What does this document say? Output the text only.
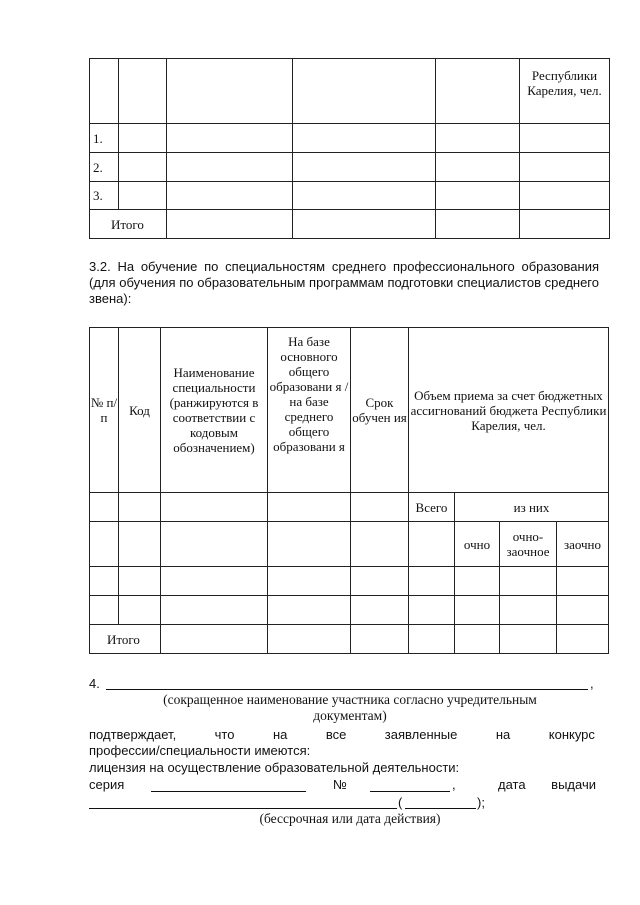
					Республики Карелия, чел.
1.					
2.					
3.					
Итого					
3.2. На обучение по специальностям среднего профессионального образования (для обучения по образовательным программам подготовки специалистов среднего звена):
№ п/п	Код	Наименование специальности (ранжируются в соответствии с кодовым обозначением)	На базе основного общего образовани я / на базе среднего общего образовани я	Срок обучен ия	Объем приема за счет бюджетных ассигнований бюджета Республики Карелия, чел.			

					Всего	из них		
						очно	очно-заочное	заочно

Итого								
4.	,
(сокращенное наименование участника согласно учредительным документам)
подтверждает,	что	на	все	заявленные	на	конкурс
профессии/специальности имеются:
лицензия на осуществление образовательной деятельности:
серия	№	,	дата выдачи
(	);
(бессрочная или дата действия)
